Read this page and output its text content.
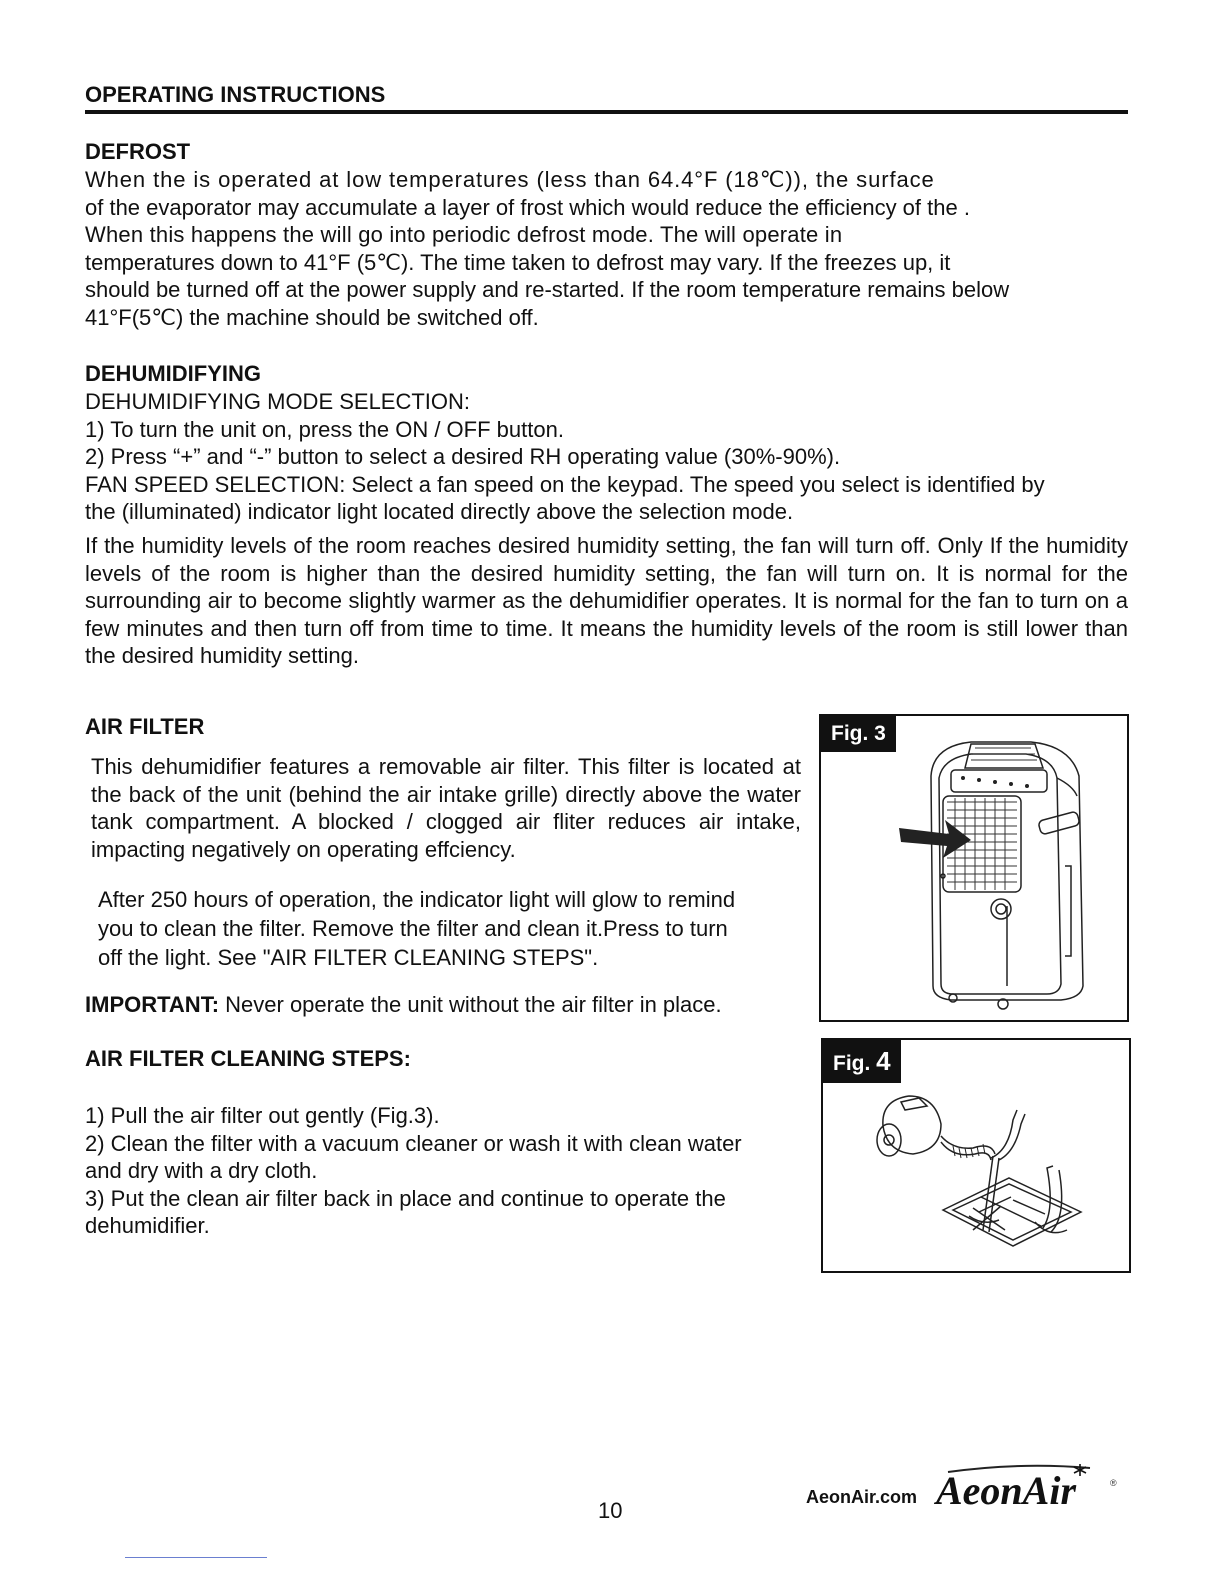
OPERATING INSTRUCTIONS
DEFROST
When the is operated at low temperatures (less than 64.4°F (18℃)), the surface
of the evaporator may accumulate a layer of frost which would reduce the efficiency of the .
When this happens the will go into periodic defrost mode. The will operate in
temperatures down to 41°F (5℃). The time taken to defrost may vary. If the freezes up, it
should be turned off at the power supply and re-started. If the room temperature remains below
41°F(5℃) the machine should be switched off.
DEHUMIDIFYING
DEHUMIDIFYING MODE SELECTION:
1) To turn the unit on, press the ON / OFF button.
2) Press “+” and “-” button to select a desired RH operating value (30%-90%).
FAN SPEED SELECTION: Select a fan speed on the keypad. The speed you select is identified by
the (illuminated) indicator light located directly above the selection mode.
If the humidity levels of the room reaches desired humidity setting, the fan will turn off. Only If the humidity levels of the room is higher than the desired humidity setting, the fan will turn on. It is normal for the surrounding air to become slightly warmer as the dehumidifier operates. It is normal for the fan to turn on a few minutes and then turn off from time to time. It means the humidity levels of the room is still lower than the desired humidity setting.
AIR FILTER
This dehumidifier features a removable air filter. This filter is located at the back of the unit (behind the air intake grille) directly above the water tank compartment. A blocked / clogged air fliter reduces air intake, impacting negatively on operating effciency.
After 250 hours of operation, the indicator light will glow to remind
you to clean the filter. Remove the filter and clean it.Press to turn
off the light. See "AIR FILTER CLEANING STEPS".
IMPORTANT: Never operate the unit without the air filter in place.
AIR FILTER CLEANING STEPS:
1) Pull the air filter out gently (Fig.3).
2) Clean the filter with a vacuum cleaner or wash it with clean water
and dry with a dry cloth.
3) Put the clean air filter back in place and continue to operate the
dehumidifier.
Fig. 3
Fig. 4
10
AeonAir.com AeonAir	®
